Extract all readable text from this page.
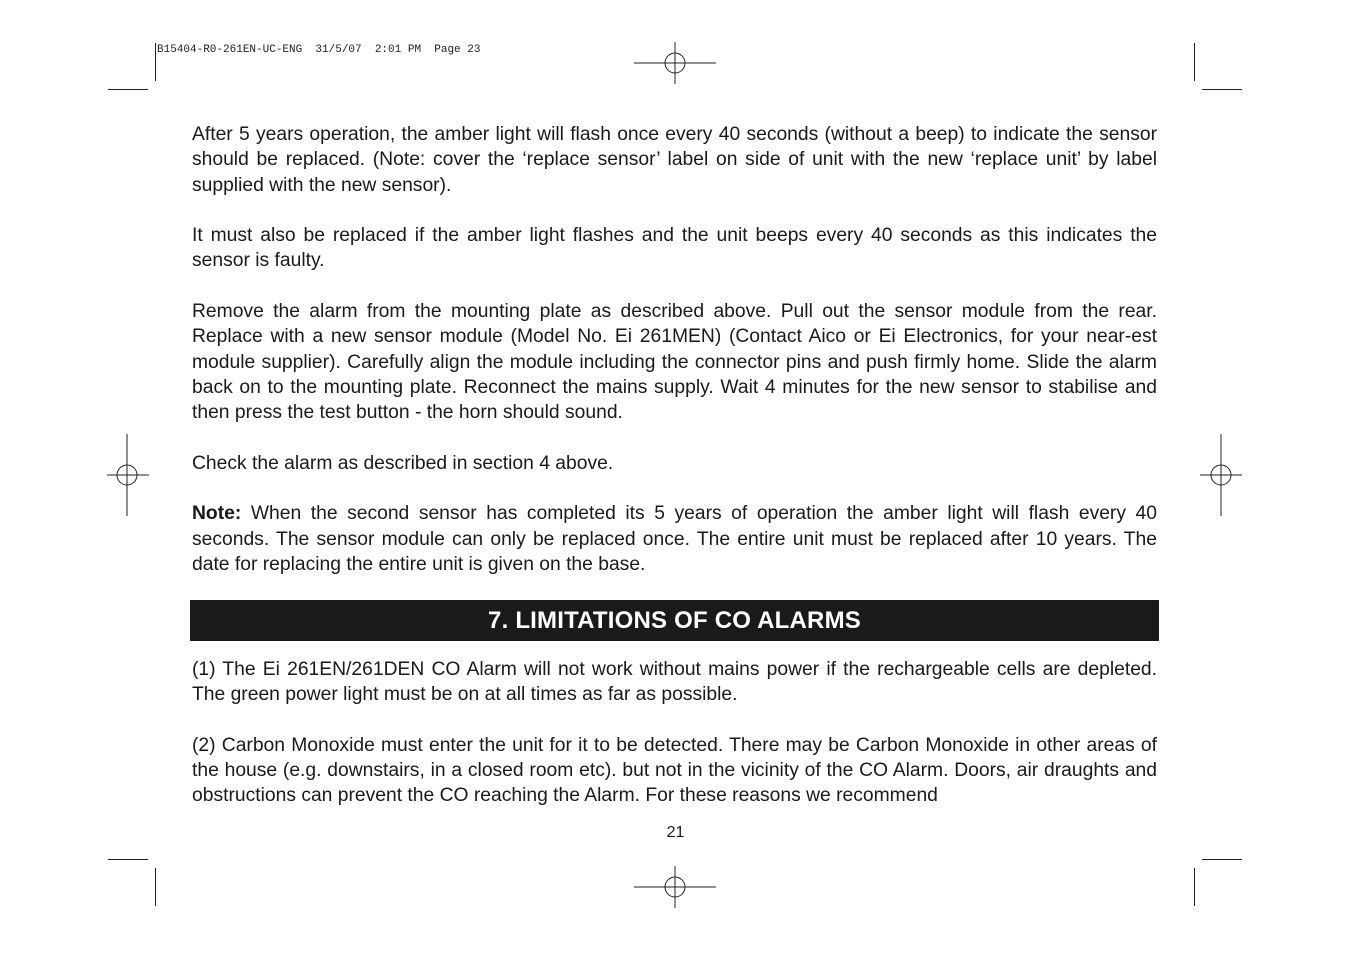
B15404-R0-261EN-UC-ENG  31/5/07  2:01 PM  Page 23

After 5 years operation, the amber light will flash once every 40 seconds (without a beep) to indicate the sensor should be replaced. (Note: cover the ‘replace sensor’ label on side of unit with the new ‘replace unit’ by label supplied with the new sensor).

It must also be replaced if the amber light flashes and the unit beeps every 40 seconds as this indicates the sensor is faulty.

Remove the alarm from the mounting plate as described above. Pull out the sensor module from the rear. Replace with a new sensor module (Model No. Ei 261MEN) (Contact Aico or Ei Electronics, for your near-est module supplier). Carefully align the module including the connector pins and push firmly home. Slide the alarm back on to the mounting plate. Reconnect the mains supply. Wait 4 minutes for the new sensor to stabilise and then press the test button - the horn should sound.

Check the alarm as described in section 4 above.

Note: When the second sensor has completed its 5 years of operation the amber light will flash every 40 seconds. The sensor module can only be replaced once. The entire unit must be replaced after 10 years. The date for replacing the entire unit is given on the base.

7. LIMITATIONS OF CO ALARMS

(1) The Ei 261EN/261DEN CO Alarm will not work without mains power if the rechargeable cells are depleted. The green power light must be on at all times as far as possible.

(2) Carbon Monoxide must enter the unit for it to be detected. There may be Carbon Monoxide in other areas of the house (e.g. downstairs, in a closed room etc). but not in the vicinity of the CO Alarm. Doors, air draughts and obstructions can prevent the CO reaching the Alarm. For these reasons we recommend

21
